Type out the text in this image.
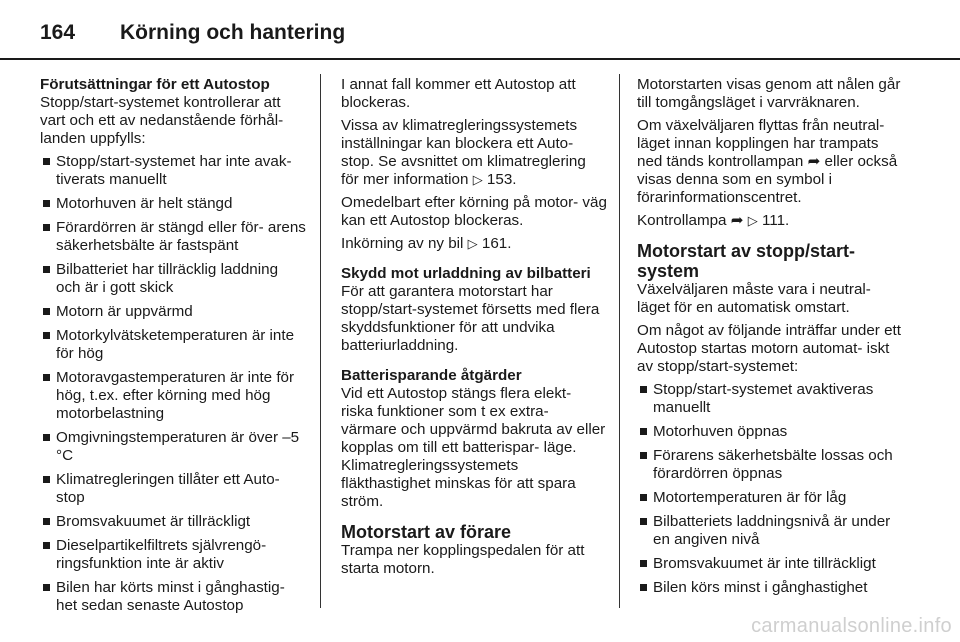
164	Körning och hantering

Förutsättningar för ett Autostop

Stopp/start-systemet kontrollerar att vart och ett av nedanstående förhål- landen uppfylls:

Stopp/start-systemet har inte avak- tiverats manuellt
Motorhuven är helt stängd
Förardörren är stängd eller för- arens säkerhetsbälte är fastspänt
Bilbatteriet har tillräcklig laddning och är i gott skick
Motorn är uppvärmd
Motorkylvätsketemperaturen är inte för hög
Motoravgastemperaturen är inte för hög, t.ex. efter körning med hög motorbelastning
Omgivningstemperaturen är över –5 °C
Klimatregleringen tillåter ett Auto- stop
Bromsvakuumet är tillräckligt
Dieselpartikelfiltrets självrengö- ringsfunktion inte är aktiv
Bilen har körts minst i gånghastig- het sedan senaste Autostop

I annat fall kommer ett Autostop att blockeras.

Vissa av klimatregleringssystemets inställningar kan blockera ett Auto- stop. Se avsnittet om klimatreglering för mer information ▷ 153.

Omedelbart efter körning på motor- väg kan ett Autostop blockeras.

Inkörning av ny bil ▷ 161.

Skydd mot urladdning av bilbatteri

För att garantera motorstart har stopp/start-systemet försetts med flera skyddsfunktioner för att undvika batteriurladdning.

Batterisparande åtgärder

Vid ett Autostop stängs flera elekt- riska funktioner som t ex extra- värmare och uppvärmd bakruta av eller kopplas om till ett batterispar- läge. Klimatregleringssystemets fläkthastighet minskas för att spara ström.

Motorstart av förare

Trampa ner kopplingspedalen för att starta motorn.

Motorstarten visas genom att nålen går till tomgångsläget i varvräknaren.

Om växelväljaren flyttas från neutral- läget innan kopplingen har trampats ned tänds kontrollampan ➦ eller också visas denna som en symbol i förarinformationscentret.

Kontrollampa ➦ ▷ 111.

Motorstart av stopp/start-system

Växelväljaren måste vara i neutral- läget för en automatisk omstart.

Om något av följande inträffar under ett Autostop startas motorn automat- iskt av stopp/start-systemet:

Stopp/start-systemet avaktiveras manuellt
Motorhuven öppnas
Förarens säkerhetsbälte lossas och förardörren öppnas
Motortemperaturen är för låg
Bilbatteriets laddningsnivå är under en angiven nivå
Bromsvakuumet är inte tillräckligt
Bilen körs minst i gånghastighet
carmanualsonline.info
